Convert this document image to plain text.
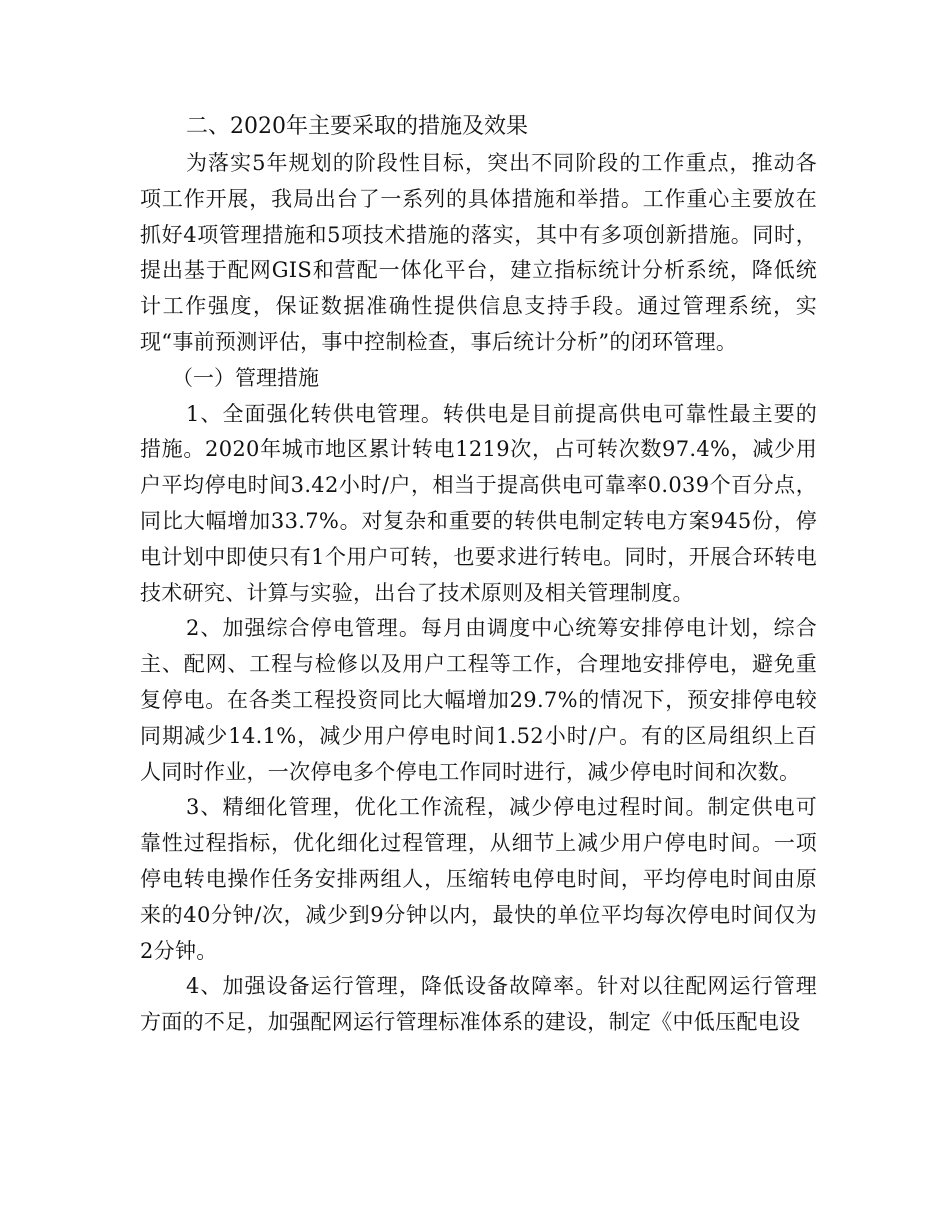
二、2020年主要采取的措施及效果

为落实5年规划的阶段性目标，突出不同阶段的工作重点，推动各项工作开展，我局出台了一系列的具体措施和举措。工作重心主要放在抓好4项管理措施和5项技术措施的落实，其中有多项创新措施。同时，提出基于配网GIS和营配一体化平台，建立指标统计分析系统，降低统计工作强度，保证数据准确性提供信息支持手段。通过管理系统，实现“事前预测评估，事中控制检查，事后统计分析”的闭环管理。

（一）管理措施

1、全面强化转供电管理。转供电是目前提高供电可靠性最主要的措施。2020年城市地区累计转电1219次，占可转次数97.4%，减少用户平均停电时间3.42小时/户，相当于提高供电可靠率0.039个百分点，同比大幅增加33.7%。对复杂和重要的转供电制定转电方案945份，停电计划中即使只有1个用户可转，也要求进行转电。同时，开展合环转电技术研究、计算与实验，出台了技术原则及相关管理制度。

2、加强综合停电管理。每月由调度中心统筹安排停电计划，综合主、配网、工程与检修以及用户工程等工作，合理地安排停电，避免重复停电。在各类工程投资同比大幅增加29.7%的情况下，预安排停电较同期减少14.1%，减少用户停电时间1.52小时/户。有的区局组织上百人同时作业，一次停电多个停电工作同时进行，减少停电时间和次数。

3、精细化管理，优化工作流程，减少停电过程时间。制定供电可靠性过程指标，优化细化过程管理，从细节上减少用户停电时间。一项停电转电操作任务安排两组人，压缩转电停电时间，平均停电时间由原来的40分钟/次，减少到9分钟以内，最快的单位平均每次停电时间仅为2分钟。

4、加强设备运行管理，降低设备故障率。针对以往配网运行管理方面的不足，加强配网运行管理标准体系的建设，制定《中低压配电设
